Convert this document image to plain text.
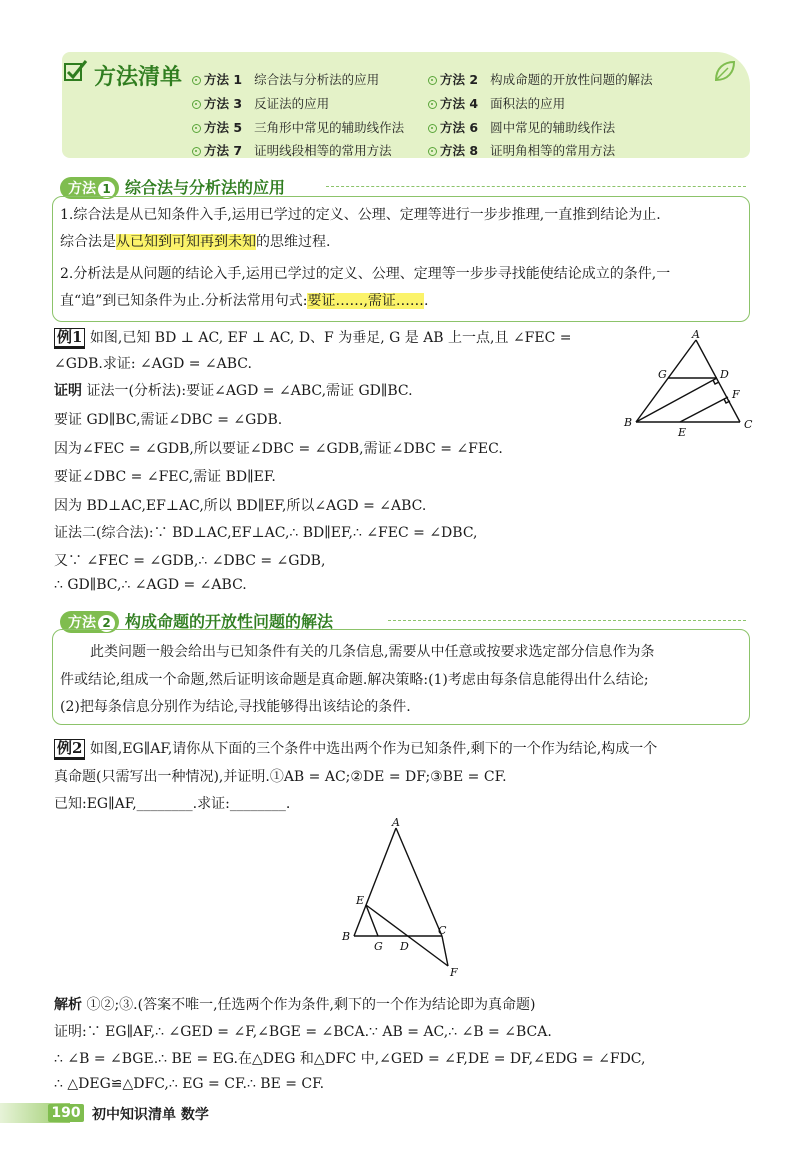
方法清单	方法 1 综合法与分析法的应用	方法 2 构成命题的开放性问题的解法
方法 3 反证法的应用	方法 4 面积法的应用
方法 5 三角形中常见的辅助线作法	方法 6 圆中常见的辅助线作法
方法 7 证明线段相等的常用方法	方法 8 证明角相等的常用方法
方法 1 综合法与分析法的应用
1.综合法是从已知条件入手,运用已学过的定义、公理、定理等进行一步步推理,一直推到结论为止.
综合法是从已知到可知再到未知的思维过程.
2.分析法是从问题的结论入手,运用已学过的定义、公理、定理等一步步寻找能使结论成立的条件,一
直“追”到已知条件为止.分析法常用句式:要证……,需证…….
例1 如图,已知 BD ⊥ AC, EF ⊥ AC, D、F 为垂足, G 是 AB 上一点,且 ∠FEC =
∠GDB.求证: ∠AGD = ∠ABC.
证明 证法一(分析法):要证∠AGD = ∠ABC,需证 GD∥BC.
要证 GD∥BC,需证∠DBC = ∠GDB.
因为∠FEC = ∠GDB,所以要证∠DBC = ∠GDB,需证∠DBC = ∠FEC.
要证∠DBC = ∠FEC,需证 BD∥EF.
因为 BD⊥AC,EF⊥AC,所以 BD∥EF,所以∠AGD = ∠ABC.
证法二(综合法):∵ BD⊥AC,EF⊥AC,∴ BD∥EF,∴ ∠FEC = ∠DBC,
又∵ ∠FEC = ∠GDB,∴ ∠DBC = ∠GDB,
∴ GD∥BC,∴ ∠AGD = ∠ABC.
A
G	D
F
B
E
C
方法 2 构成命题的开放性问题的解法
此类问题一般会给出与已知条件有关的几条信息,需要从中任意或按要求选定部分信息作为条
件或结论,组成一个命题,然后证明该命题是真命题.解决策略:(1)考虑由每条信息能得出什么结论;
(2)把每条信息分别作为结论,寻找能够得出该结论的条件.
例2 如图,EG∥AF,请你从下面的三个条件中选出两个作为已知条件,剩下的一个作为结论,构成一个
真命题(只需写出一种情况),并证明.①AB = AC;②DE = DF;③BE = CF.
已知:EG∥AF,________.求证:________.
A
E
B
G D
C
F
解析 ①②;③.(答案不唯一,任选两个作为条件,剩下的一个作为结论即为真命题)
证明:∵ EG∥AF,∴ ∠GED = ∠F,∠BGE = ∠BCA.∵ AB = AC,∴ ∠B = ∠BCA.
∴ ∠B = ∠BGE.∴ BE = EG.在△DEG 和△DFC 中,∠GED = ∠F,DE = DF,∠EDG = ∠FDC,
∴ △DEG≌△DFC,∴ EG = CF.∴ BE = CF.
190 初中知识清单 数学
